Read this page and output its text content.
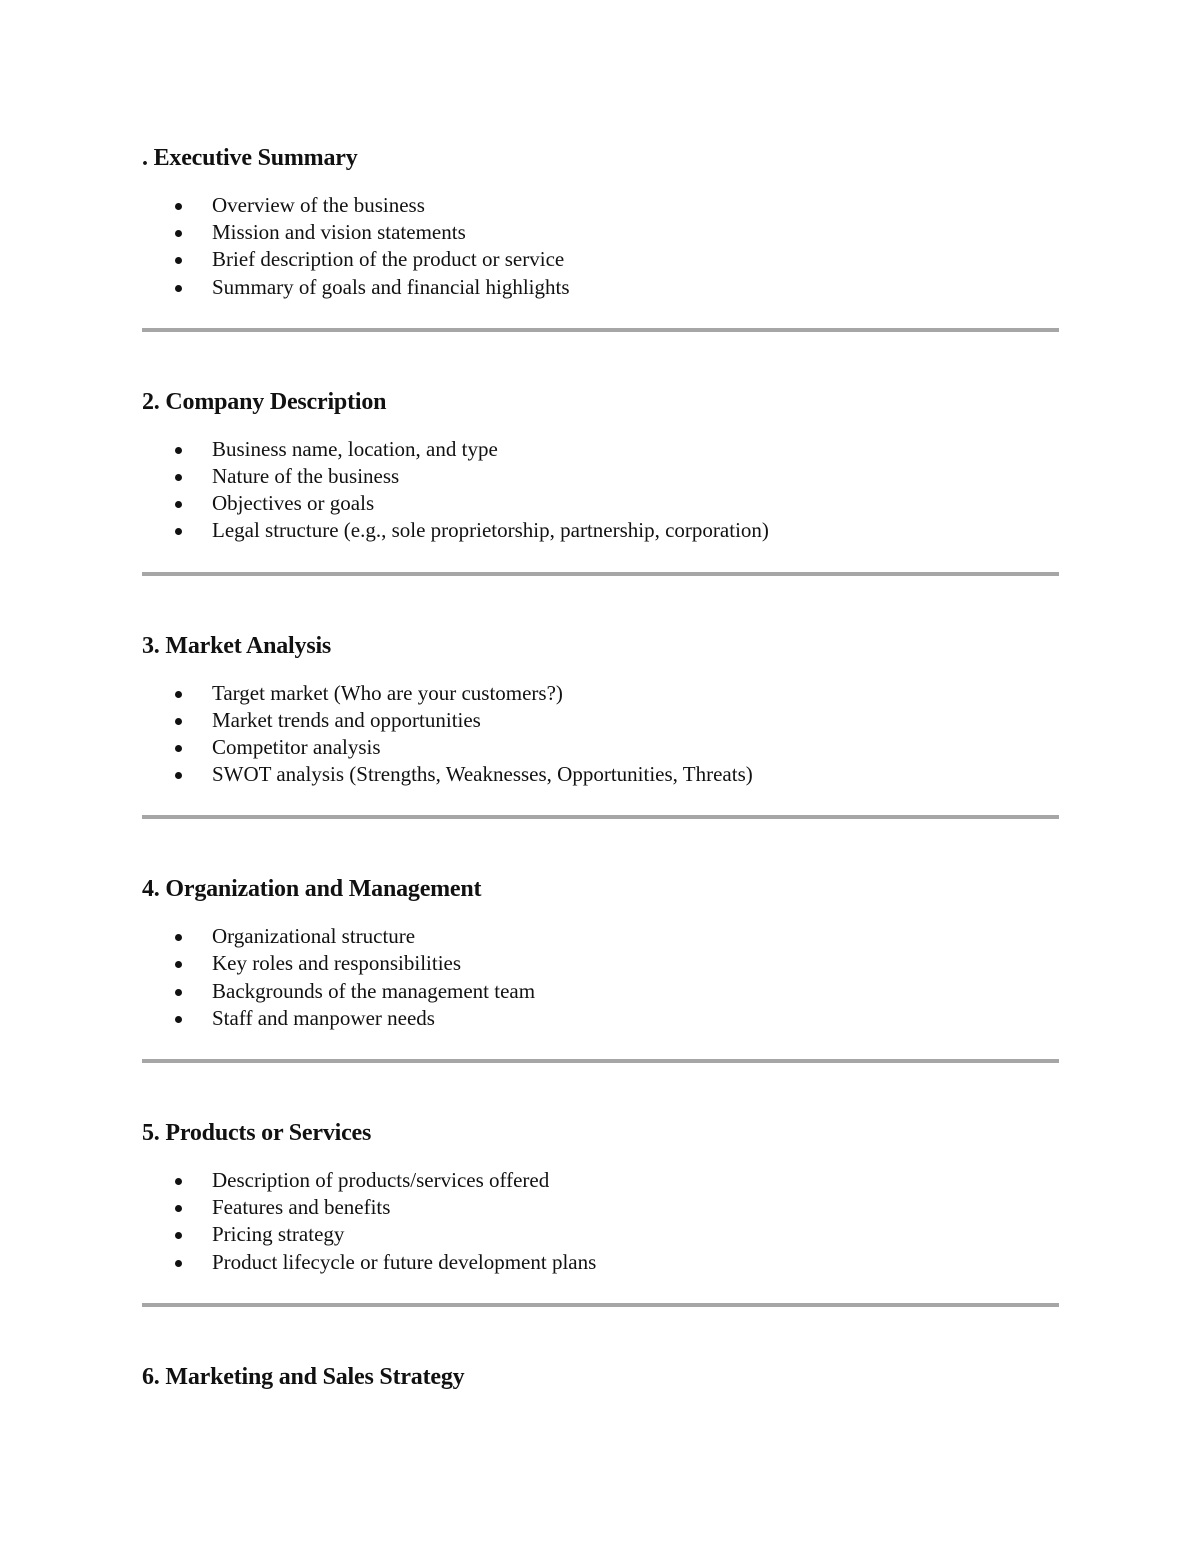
. Executive Summary
Overview of the business
Mission and vision statements
Brief description of the product or service
Summary of goals and financial highlights
2. Company Description
Business name, location, and type
Nature of the business
Objectives or goals
Legal structure (e.g., sole proprietorship, partnership, corporation)
3. Market Analysis
Target market (Who are your customers?)
Market trends and opportunities
Competitor analysis
SWOT analysis (Strengths, Weaknesses, Opportunities, Threats)
4. Organization and Management
Organizational structure
Key roles and responsibilities
Backgrounds of the management team
Staff and manpower needs
5. Products or Services
Description of products/services offered
Features and benefits
Pricing strategy
Product lifecycle or future development plans
6. Marketing and Sales Strategy
